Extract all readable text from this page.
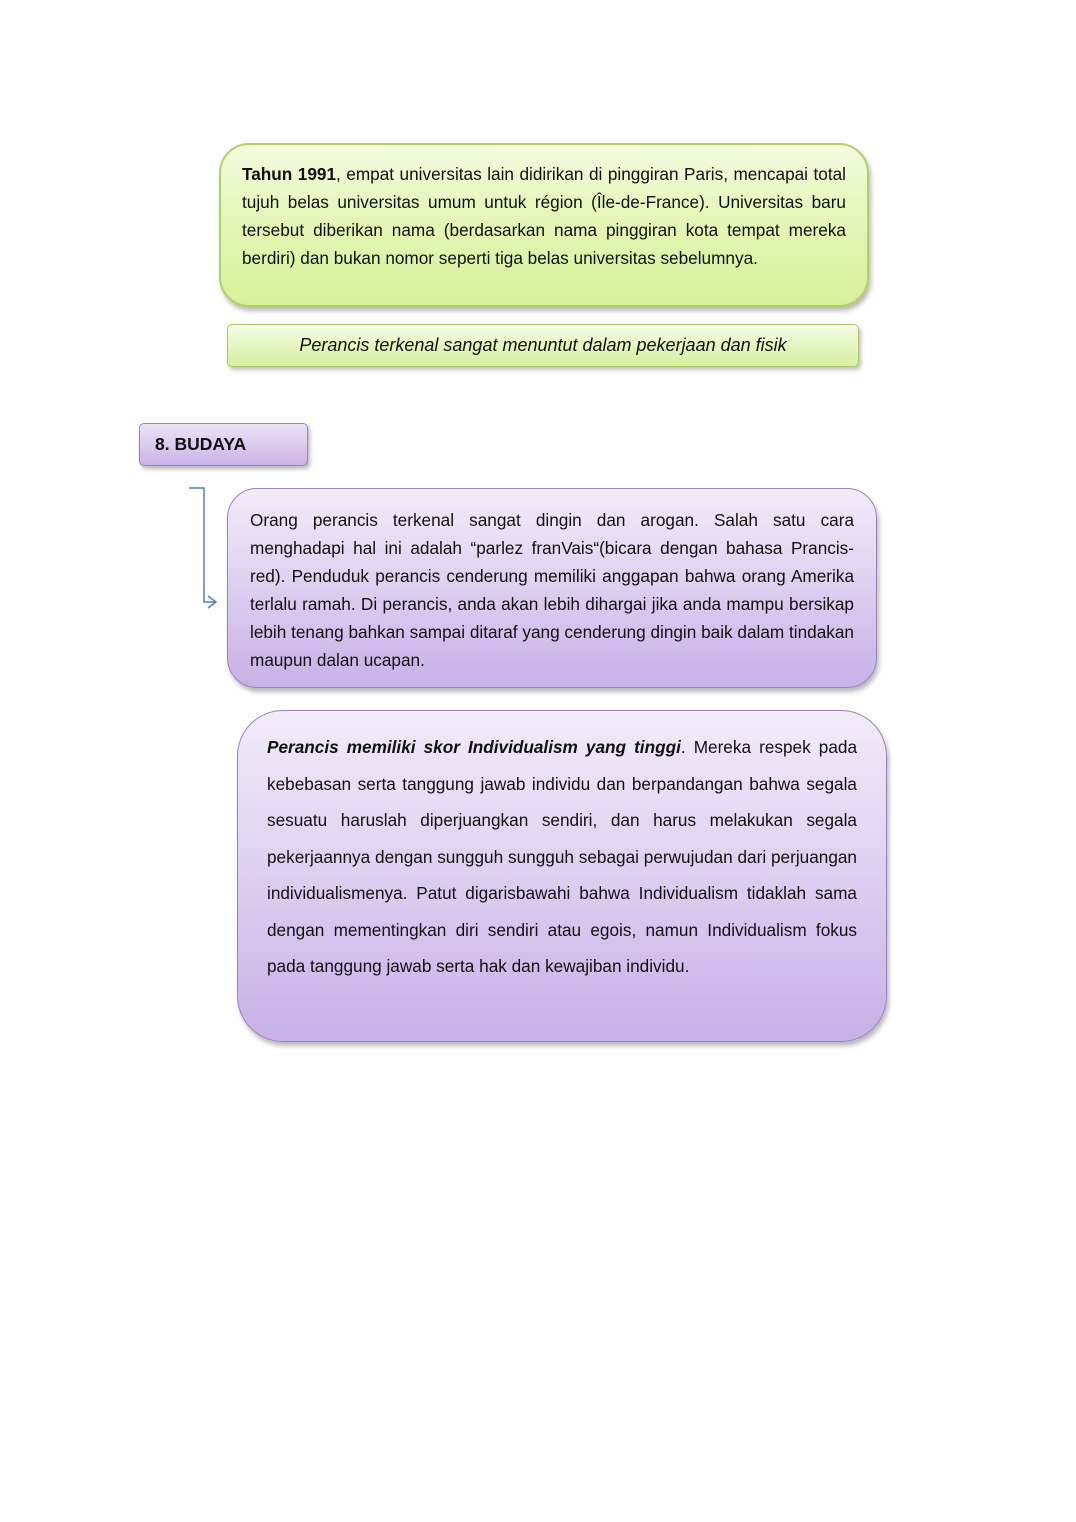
Tahun 1991, empat universitas lain didirikan di pinggiran Paris, mencapai total tujuh belas universitas umum untuk région (Île-de-France). Universitas baru tersebut diberikan nama (berdasarkan nama pinggiran kota tempat mereka berdiri) dan bukan nomor seperti tiga belas universitas sebelumnya.

Perancis terkenal sangat menuntut dalam pekerjaan dan fisik
8. BUDAYA

Orang perancis terkenal sangat dingin dan arogan. Salah satu cara menghadapi hal ini adalah “parlez franVais“(bicara dengan bahasa Prancis-red). Penduduk perancis cenderung memiliki anggapan bahwa orang Amerika terlalu ramah. Di perancis, anda akan lebih dihargai jika anda mampu bersikap lebih tenang bahkan sampai ditaraf yang cenderung dingin baik dalam tindakan maupun dalan ucapan.

Perancis memiliki skor Individualism yang tinggi. Mereka respek pada kebebasan serta tanggung jawab individu dan berpandangan bahwa segala sesuatu haruslah diperjuangkan sendiri, dan harus melakukan segala pekerjaannya dengan sungguh sungguh sebagai perwujudan dari perjuangan individualismenya. Patut digarisbawahi bahwa Individualism tidaklah sama dengan mementingkan diri sendiri atau egois, namun Individualism fokus pada tanggung jawab serta hak dan kewajiban individu.
